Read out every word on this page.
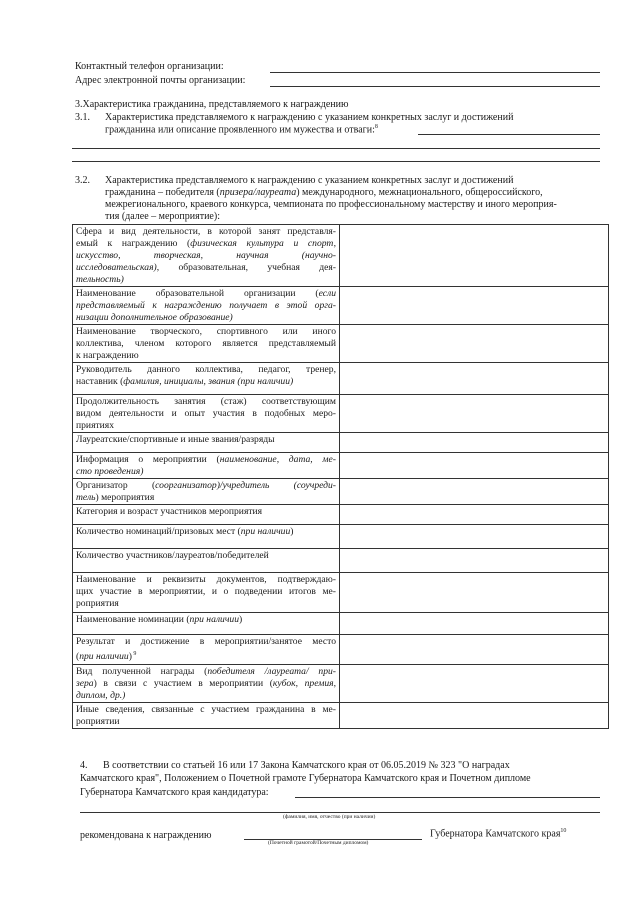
Контактный телефон организации:
Адрес электронной почты организации:
3.Характеристика гражданина, представляемого к награждению
3.1. Характеристика представляемого к награждению с указанием конкретных заслуг и достижений
гражданина или описание проявленного им мужества и отваги:$^8$
3.2. Характеристика представляемого к награждению с указанием конкретных заслуг и достижений
гражданина – победителя (призера/лауреата) международного, межнационального, общероссийского,
межрегионального, краевого конкурса, чемпионата по профессиональному мастерству и иного мероприя-
тия (далее – мероприятие):
Сфера и вид деятельности, в которой занят представля-
емый к награждению (физическая культура и спорт,
искусство, творческая, научная (научно-
исследовательская), образовательная, учебная дея-
тельность)	

Наименование образовательной организации (если
представляемый к награждению получает в этой орга-
низации дополнительное образование)	

Наименование творческого, спортивного или иного
коллектива, членом которого является представляемый
к награждению	

Руководитель данного коллектива, педагог, тренер,
наставник (фамилия, инициалы, звания (при наличии)	

Продолжительность занятия (стаж) соответствующим
видом деятельности и опыт участия в подобных меро-
приятиях	

Лауреатские/спортивные и иные звания/разряды	

Информация о мероприятии (наименование, дата, ме-
сто проведения)	

Организатор (соорганизатор)/учредитель (соучреди-
тель) мероприятия	

Категория и возраст участников мероприятия	

Количество номинаций/призовых мест (при наличии)	

Количество участников/лауреатов/победителей	

Наименование и реквизиты документов, подтверждаю-
щих участие в мероприятии, и о подведении итогов ме-
роприятия	

Наименование номинации (при наличии)	

Результат и достижение в мероприятии/занятое место
(при наличии) $^9$

Вид полученной награды (победителя /лауреата/ при-
зера) в связи с участием в мероприятии (кубок, премия,
диплом, др.)	

Иные сведения, связанные с участием гражданина в ме-
роприятии	

4. В соответствии со статьей 16 или 17 Закона Камчатского края от 06.05.2019 № 323 "О наградах
Камчатского края", Положением о Почетной грамоте Губернатора Камчатского края и Почетном дипломе
Губернатора Камчатского края кандидатура:
(фамилия, имя, отчество (при наличии)
рекомендована к награждению
(Почетной грамотой/Почетным дипломом)
Губернатора Камчатского края$^{10}$
